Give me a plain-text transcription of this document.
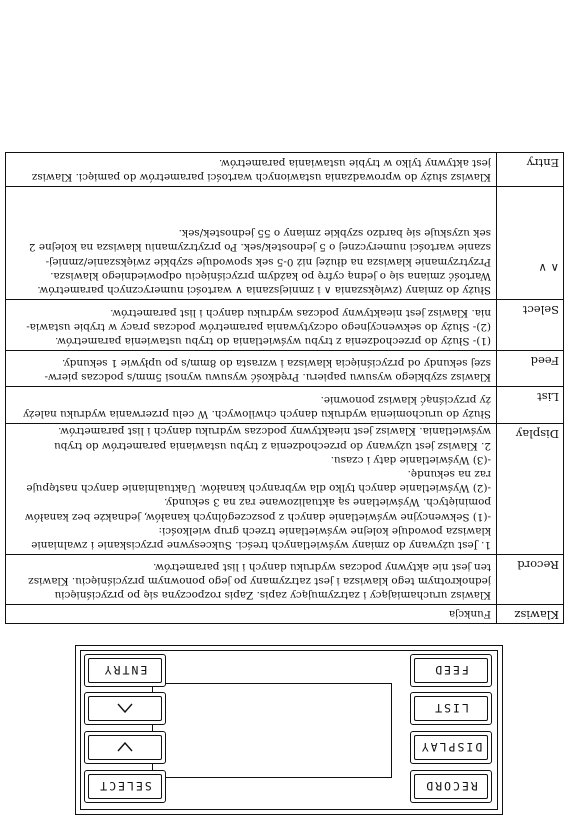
Klawisz
Funkcja
Record
Klawisz uruchamiający i zatrzymujący zapis. Zapis rozpoczyna się po przyciśnięciu
jednokrotnym tego klawisza i jest zatrzymany po jego ponownym przyciśnięciu. Klawisz
ten jest nie aktywny podczas wydruku danych i list parametrów.
Display
1. Jest używany do zmiany wyświetlanych treści. Sukcesywne przyciskanie i zwalnianie
klawisza powoduje kolejne wyświetlanie trzech grup wielkości:
-(1) Sekwencyjne wyświetlanie danych z poszczególnych kanałów, jednakże bez kanałów
pominiętych. Wyświetlane są aktualizowane raz na 3 sekundy.
-(2) Wyświetlanie danych tylko dla wybranych kanałów. Uaktualnianie danych następuje
raz na sekundę.
-(3) Wyświetlanie daty i czasu.
2. Klawisz jest używany do przechodzenia z trybu ustawiania parametrów do trybu
wyświetlania. Klawisz jest nieaktywny podczas wydruku danych i list parametrów.
List
Służy do uruchomienia wydruku danych chwilowych. W celu przerwania wydruku należy
ży przyciśnąć klawisz ponownie.
Feed
Klawisz szybkiego wysuwu papieru. Prędkość wysuwu wynosi 5mm/s podczas pierw-
szej sekundy od przyciśnięcia klawisza i wzrasta do 8mm/s po upływie 1 sekundy.
Select
(1)- Służy do przechodzenia z trybu wyświetlania do trybu ustawienia parametrów.
(2)- Służy do sekwencyjnego odczytywania parametrów podczas pracy w trybie ustawia-
nia. Klawisz jest nieaktywny podczas wydruku danych i list parametrów.
∧ ∨
Służy do zmiany (zwiększania ∧ i zmniejszania ∨ wartości numerycznych parametrów.
Wartość zmiana się o jedną cyfrę po każdym przyciśnięciu odpowiedniego klawisza.
Przytrzymanie klawisza na dłużej niż 0-5 sek spowoduje szybkie zwiększanie/zmniej-
szanie wartości numerycznej o 5 jednostek/sek. Po przytrzymaniu klawisza na kolejne 2
sek uzyskuje się bardzo szybkie zmiany o 55 jednostek/sek.
Entry
Klawisz służy do wprowadzania ustawionych wartości parametrów do pamięci. Klawisz
jest aktywny tylko w trybie ustawiania parametrów.
RECORD
DISPLAY
LIST
FEED
SELECT
ENTRY
